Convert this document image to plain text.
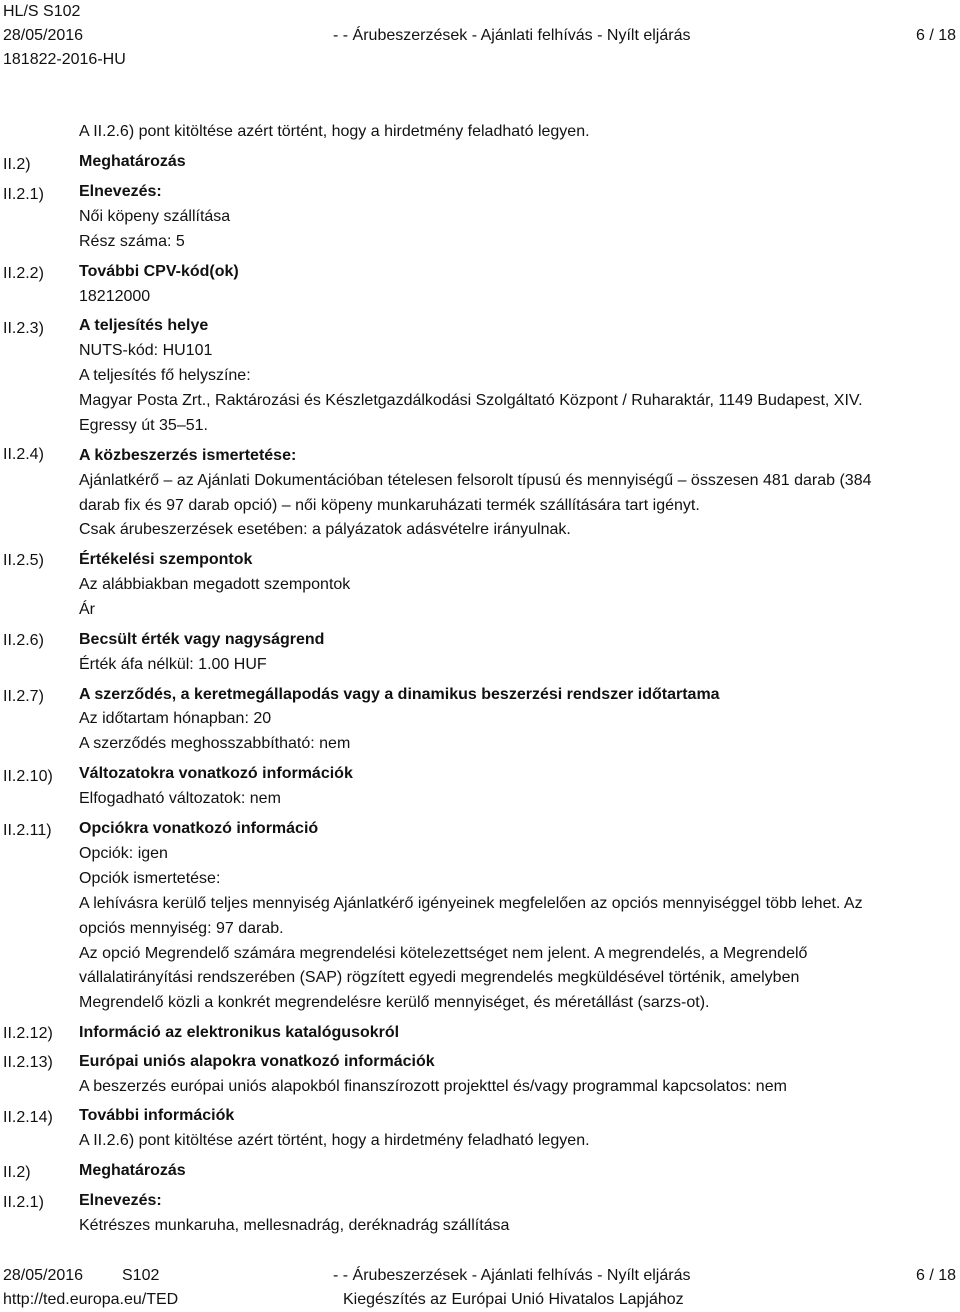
HL/S S102
28/05/2016
181822-2016-HU
- - Árubeszerzések - Ajánlati felhívás - Nyílt eljárás	6 / 18
II.2)
II.2.1)
II.2.2)
II.2.3)
II.2.4)
II.2.5)
II.2.6)
II.2.7)
II.2.10)
II.2.11)
II.2.12)
II.2.13)
II.2.14)
II.2)
II.2.1)
A II.2.6) pont kitöltése azért történt, hogy a hirdetmény feladható legyen.
Meghatározás
Elnevezés:
Női köpeny szállítása
Rész száma: 5
További CPV-kód(ok)
18212000
A teljesítés helye
NUTS-kód: HU101
A teljesítés fő helyszíne:
Magyar Posta Zrt., Raktározási és Készletgazdálkodási Szolgáltató Központ / Ruharaktár, 1149 Budapest, XIV.
Egressy út 35–51.
A közbeszerzés ismertetése:
Ajánlatkérő – az Ajánlati Dokumentációban tételesen felsorolt típusú és mennyiségű – összesen 481 darab (384
darab fix és 97 darab opció) – női köpeny munkaruházati termék szállítására tart igényt.
Csak árubeszerzések esetében: a pályázatok adásvételre irányulnak.
Értékelési szempontok
Az alábbiakban megadott szempontok
Ár
Becsült érték vagy nagyságrend
Érték áfa nélkül: 1.00 HUF
A szerződés, a keretmegállapodás vagy a dinamikus beszerzési rendszer időtartama
Az időtartam hónapban: 20
A szerződés meghosszabbítható: nem
Változatokra vonatkozó információk
Elfogadható változatok: nem
Opciókra vonatkozó információ
Opciók: igen
Opciók ismertetése:
A lehívásra kerülő teljes mennyiség Ajánlatkérő igényeinek megfelelően az opciós mennyiséggel több lehet. Az
opciós mennyiség: 97 darab.
Az opció Megrendelő számára megrendelési kötelezettséget nem jelent. A megrendelés, a Megrendelő
vállalatirányítási rendszerében (SAP) rögzített egyedi megrendelés megküldésével történik, amelyben
Megrendelő közli a konkrét megrendelésre kerülő mennyiséget, és méretállást (sarzs-ot).
Információ az elektronikus katalógusokról
Európai uniós alapokra vonatkozó információk
A beszerzés európai uniós alapokból finanszírozott projekttel és/vagy programmal kapcsolatos: nem
További információk
A II.2.6) pont kitöltése azért történt, hogy a hirdetmény feladható legyen.
Meghatározás
Elnevezés:
Kétrészes munkaruha, mellesnadrág, deréknadrág szállítása
28/05/2016 S102
http://ted.europa.eu/TED
- - Árubeszerzések - Ajánlati felhívás - Nyílt eljárás
Kiegészítés az Európai Unió Hivatalos Lapjához
6 / 18
